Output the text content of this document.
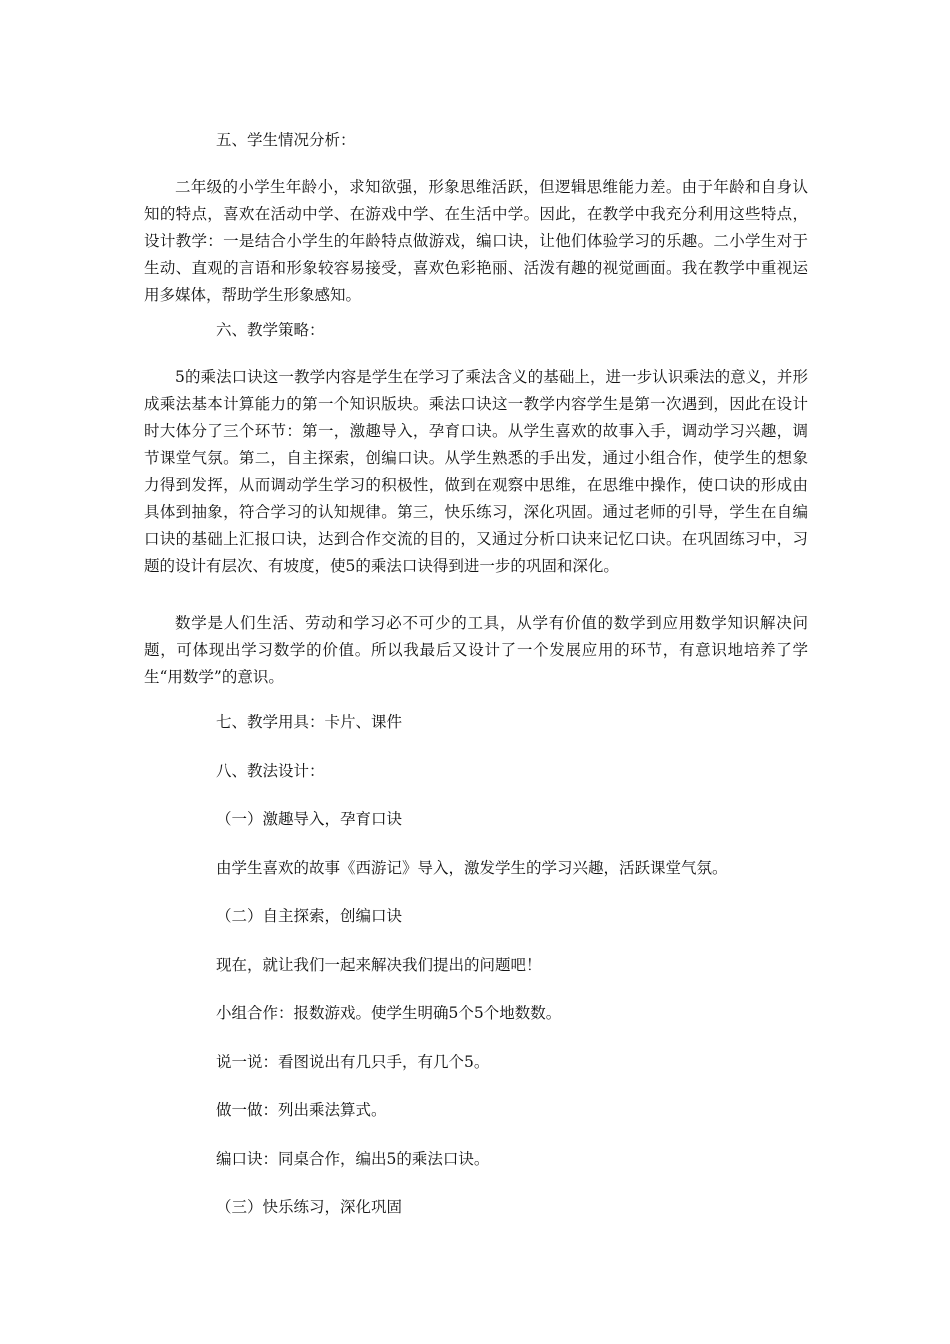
五、学生情况分析：

二年级的小学生年龄小，求知欲强，形象思维活跃，但逻辑思维能力差。由于年龄和自身认知的特点，喜欢在活动中学、在游戏中学、在生活中学。因此，在教学中我充分利用这些特点，设计教学：一是结合小学生的年龄特点做游戏，编口诀，让他们体验学习的乐趣。二小学生对于生动、直观的言语和形象较容易接受，喜欢色彩艳丽、活泼有趣的视觉画面。我在教学中重视运用多媒体，帮助学生形象感知。

六、教学策略：

5的乘法口诀这一教学内容是学生在学习了乘法含义的基础上，进一步认识乘法的意义，并形成乘法基本计算能力的第一个知识版块。乘法口诀这一教学内容学生是第一次遇到，因此在设计时大体分了三个环节：第一，激趣导入，孕育口诀。从学生喜欢的故事入手，调动学习兴趣，调节课堂气氛。第二，自主探索，创编口诀。从学生熟悉的手出发，通过小组合作，使学生的想象力得到发挥，从而调动学生学习的积极性，做到在观察中思维，在思维中操作，使口诀的形成由具体到抽象，符合学习的认知规律。第三，快乐练习，深化巩固。通过老师的引导，学生在自编口诀的基础上汇报口诀，达到合作交流的目的，又通过分析口诀来记忆口诀。在巩固练习中，习题的设计有层次、有坡度，使5的乘法口诀得到进一步的巩固和深化。

数学是人们生活、劳动和学习必不可少的工具，从学有价值的数学到应用数学知识解决问题，可体现出学习数学的价值。所以我最后又设计了一个发展应用的环节，有意识地培养了学生“用数学”的意识。

七、教学用具：卡片、课件

八、教法设计：

（一）激趣导入，孕育口诀

由学生喜欢的故事《西游记》导入，激发学生的学习兴趣，活跃课堂气氛。

（二）自主探索，创编口诀

现在，就让我们一起来解决我们提出的问题吧！

小组合作：报数游戏。使学生明确5个5个地数数。

说一说：看图说出有几只手，有几个5。

做一做：列出乘法算式。

编口诀：同桌合作，编出5的乘法口诀。

（三）快乐练习，深化巩固
